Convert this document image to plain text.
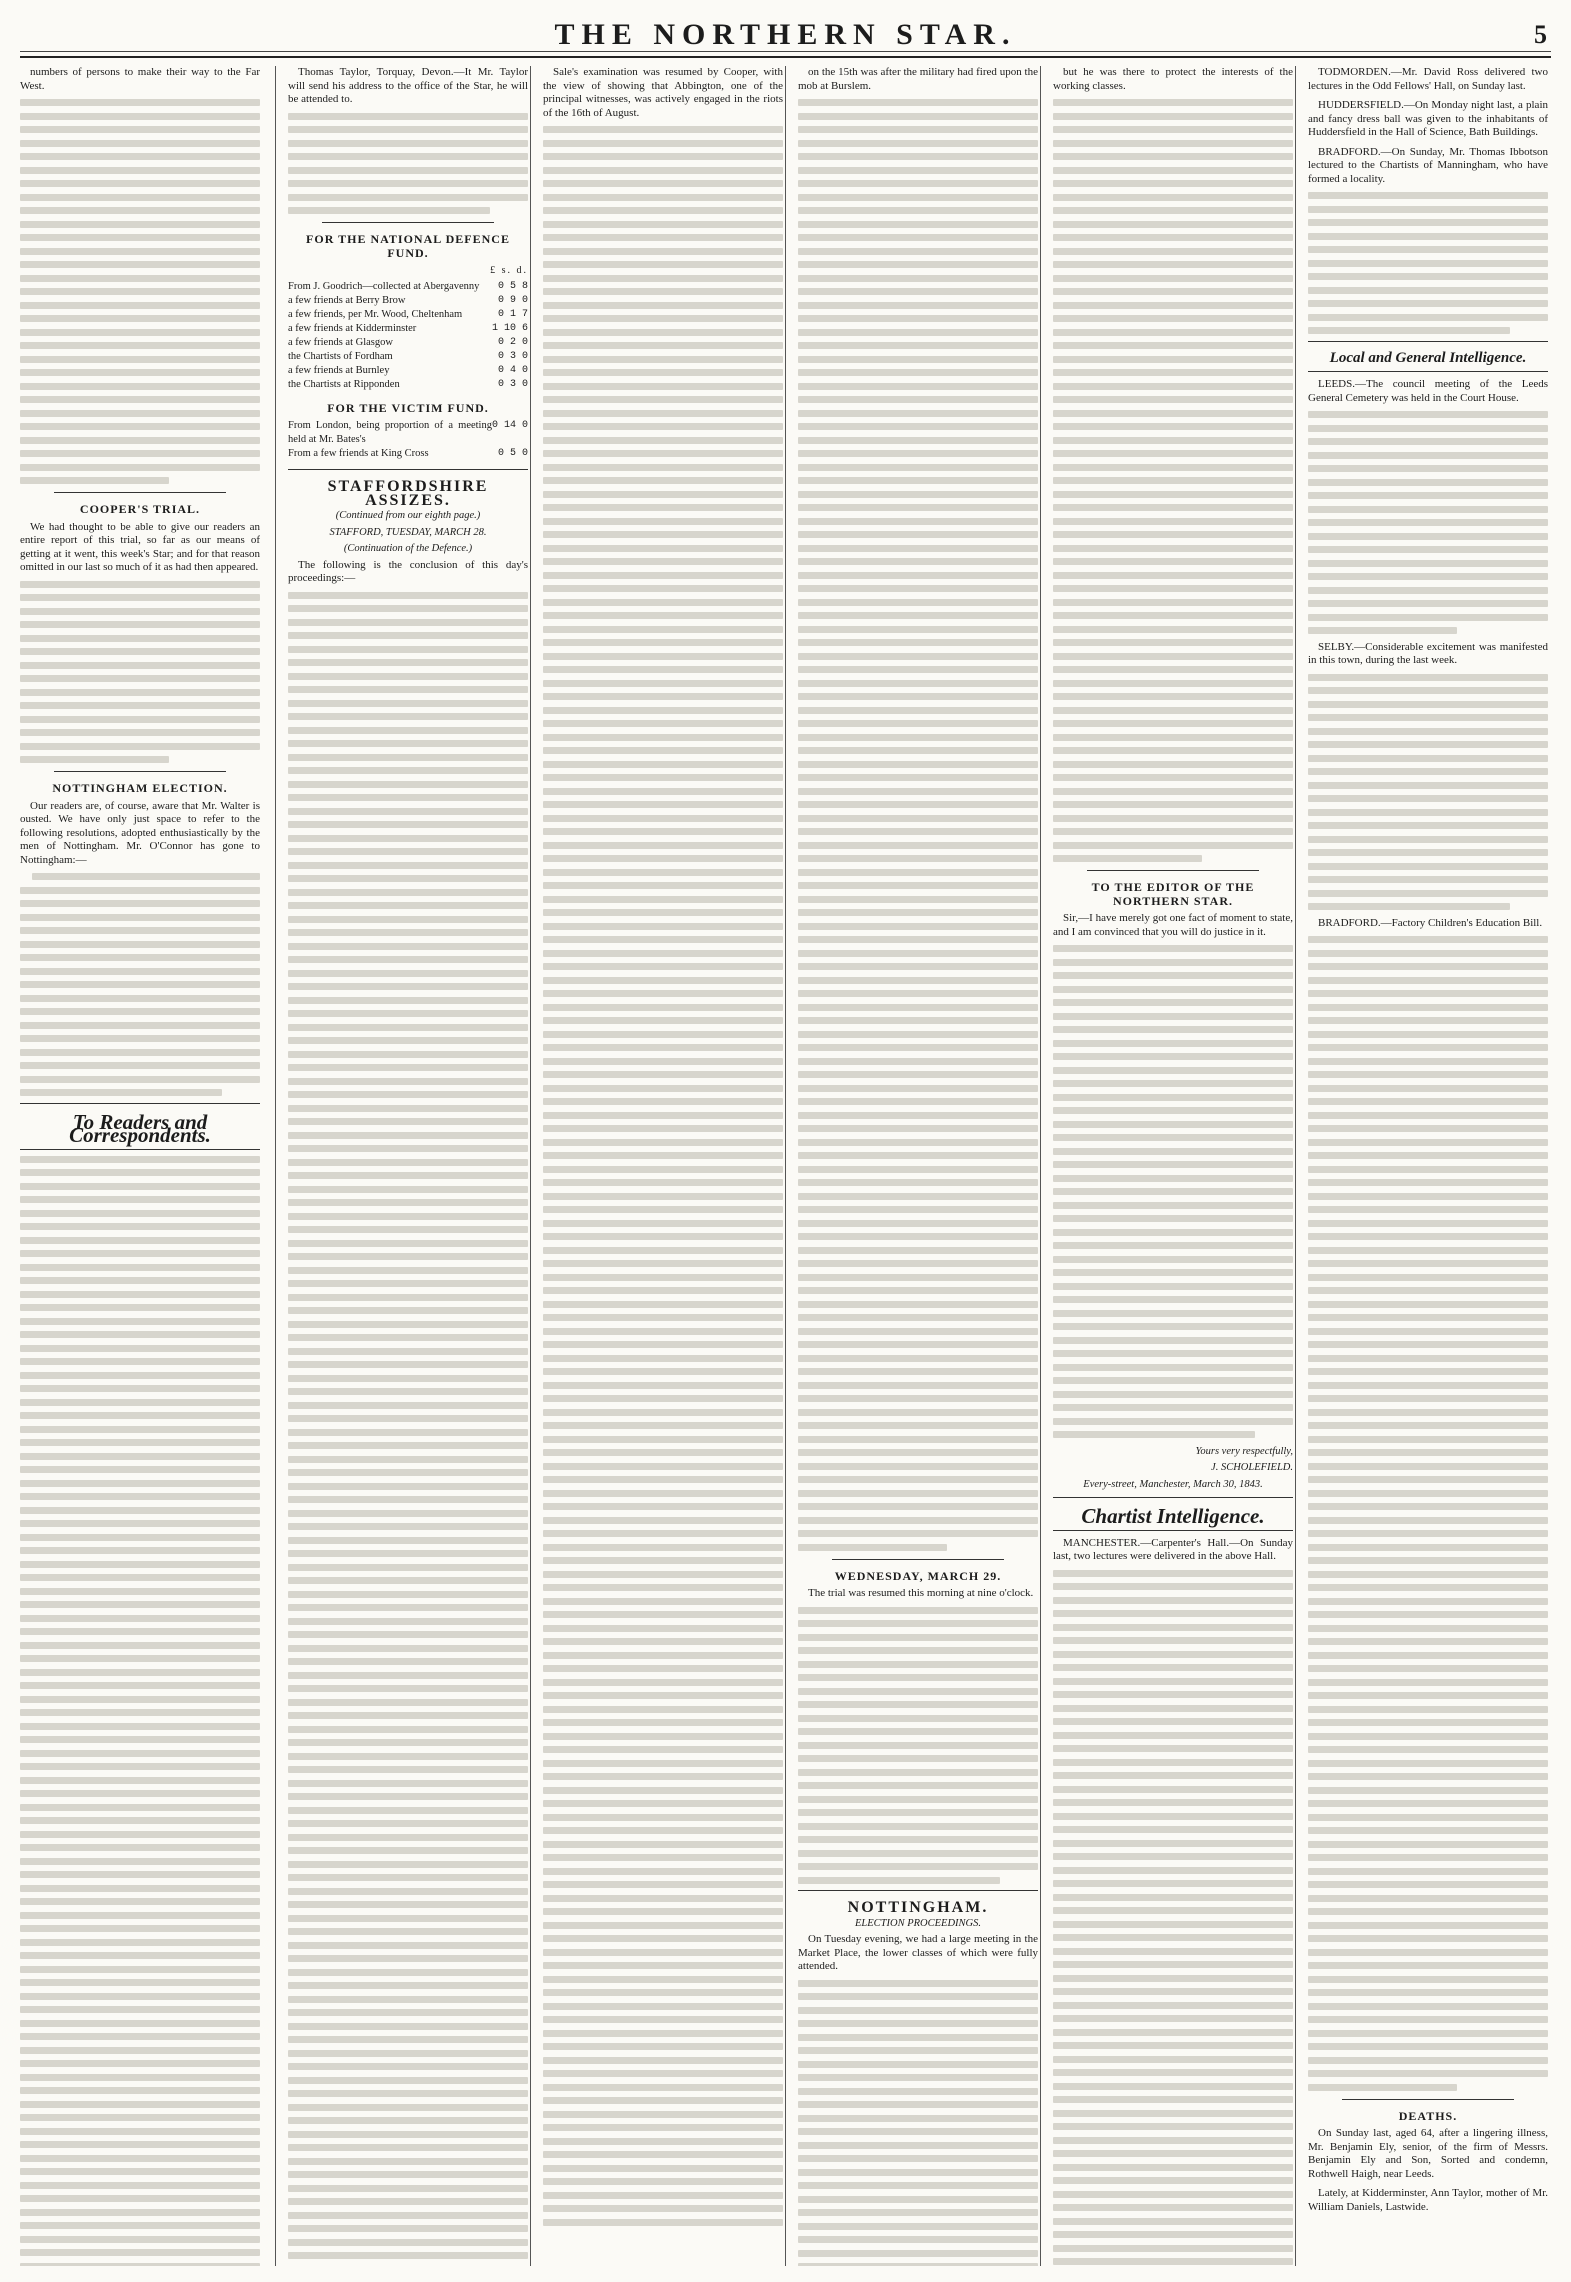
THE NORTHERN STAR.	5

numbers of persons to make their way to the Far West.

COOPER'S TRIAL.

We had thought to be able to give our readers an entire report of this trial, so far as our means of getting at it went, this week's Star; and for that reason omitted in our last so much of it as had then appeared.

NOTTINGHAM ELECTION.

Our readers are, of course, aware that Mr. Walter is ousted. We have only just space to refer to the following resolutions, adopted enthusiastically by the men of Nottingham. Mr. O'Connor has gone to Nottingham:—

To Readers and Correspondents.

Thomas Taylor, Torquay, Devon.—It Mr. Taylor will send his address to the office of the Star, he will be attended to.

FOR THE NATIONAL DEFENCE FUND.
£ s. d.
From J. Goodrich—collected at Abergavenny 0 5 8
a few friends at Berry Brow	0 9 0
a few friends, per Mr. Wood, Cheltenham	0 1 7
a few friends at Kidderminster	1 10 6
a few friends at Glasgow	0 2 0
the Chartists of Fordham	0 3 0
a few friends at Burnley	0 4 0
the Chartists at Ripponden	0 3 0
FOR THE VICTIM FUND.
From London, being proportion of a meeting held at Mr. Bates's
0 14 0
From a few friends at King Cross	0 5 0
STAFFORDSHIRE ASSIZES.
(Continued from our eighth page.)
STAFFORD, TUESDAY, MARCH 28.
(Continuation of the Defence.)

The following is the conclusion of this day's proceedings:—

Sale's examination was resumed by Cooper, with the view of showing that Abbington, one of the principal witnesses, was actively engaged in the riots of the 16th of August.

on the 15th was after the military had fired upon the mob at Burslem.

WEDNESDAY, MARCH 29.

The trial was resumed this morning at nine o'clock.

NOTTINGHAM.
ELECTION PROCEEDINGS.

On Tuesday evening, we had a large meeting in the Market Place, the lower classes of which were fully attended.

but he was there to protect the interests of the working classes.

TO THE EDITOR OF THE NORTHERN STAR.

Sir,—I have merely got one fact of moment to state, and I am convinced that you will do justice in it.

Yours very respectfully,
J. SCHOLEFIELD.
Every-street, Manchester, March 30, 1843.
Chartist Intelligence.

MANCHESTER.—Carpenter's Hall.—On Sunday last, two lectures were delivered in the above Hall.

TODMORDEN.—Mr. David Ross delivered two lectures in the Odd Fellows' Hall, on Sunday last.

HUDDERSFIELD.—On Monday night last, a plain and fancy dress ball was given to the inhabitants of Huddersfield in the Hall of Science, Bath Buildings.

BRADFORD.—On Sunday, Mr. Thomas Ibbotson lectured to the Chartists of Manningham, who have formed a locality.

Local and General Intelligence.

LEEDS.—The council meeting of the Leeds General Cemetery was held in the Court House.

SELBY.—Considerable excitement was manifested in this town, during the last week.

BRADFORD.—Factory Children's Education Bill.

DEATHS.

On Sunday last, aged 64, after a lingering illness, Mr. Benjamin Ely, senior, of the firm of Messrs. Benjamin Ely and Son, Sorted and condemn, Rothwell Haigh, near Leeds.

Lately, at Kidderminster, Ann Taylor, mother of Mr. William Daniels, Lastwide.
